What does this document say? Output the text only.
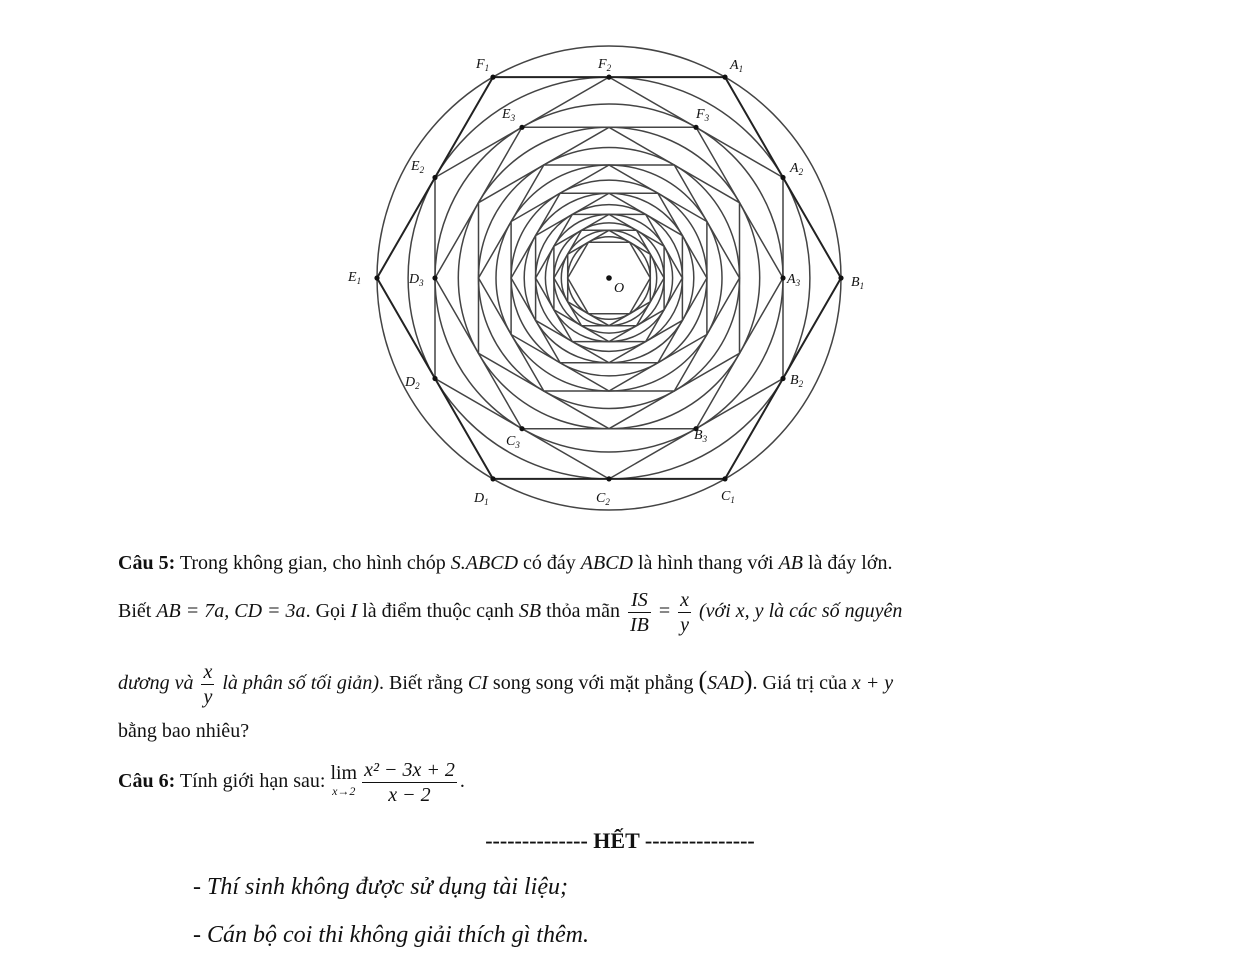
$F_1$	$F_2$	$A_1$
$E_3$	$F_3$
$E_2$	$A_2$
$E_1$	$D_3$	$A_3$	$B_1$
O
$D_2$	$B_2$
$C_3$
$B_3$
$D_1$	$C_2$	$C_1$
Câu 5: Trong không gian, cho hình chóp S.ABCD có đáy ABCD là hình thang với AB là đáy lớn.
Biết AB = 7a, CD = 3a. Gọi I là điểm thuộc cạnh SB thỏa mãn $\frac{IS}{IB} = \frac{x}{y}$ (với x, y là các số nguyên
dương và $\frac{x}{y}$ là phân số tối giản). Biết rằng CI song song với mặt phẳng (SAD). Giá trị của x + y
bằng bao nhiêu?
Câu 6: Tính giới hạn sau: lim
$x\to 2 \frac{\text{x² − 3x + 2}}{x - 2}$ .
-------------- HẾT ---------------
- Thí sinh không được sử dụng tài liệu;
- Cán bộ coi thi không giải thích gì thêm.
